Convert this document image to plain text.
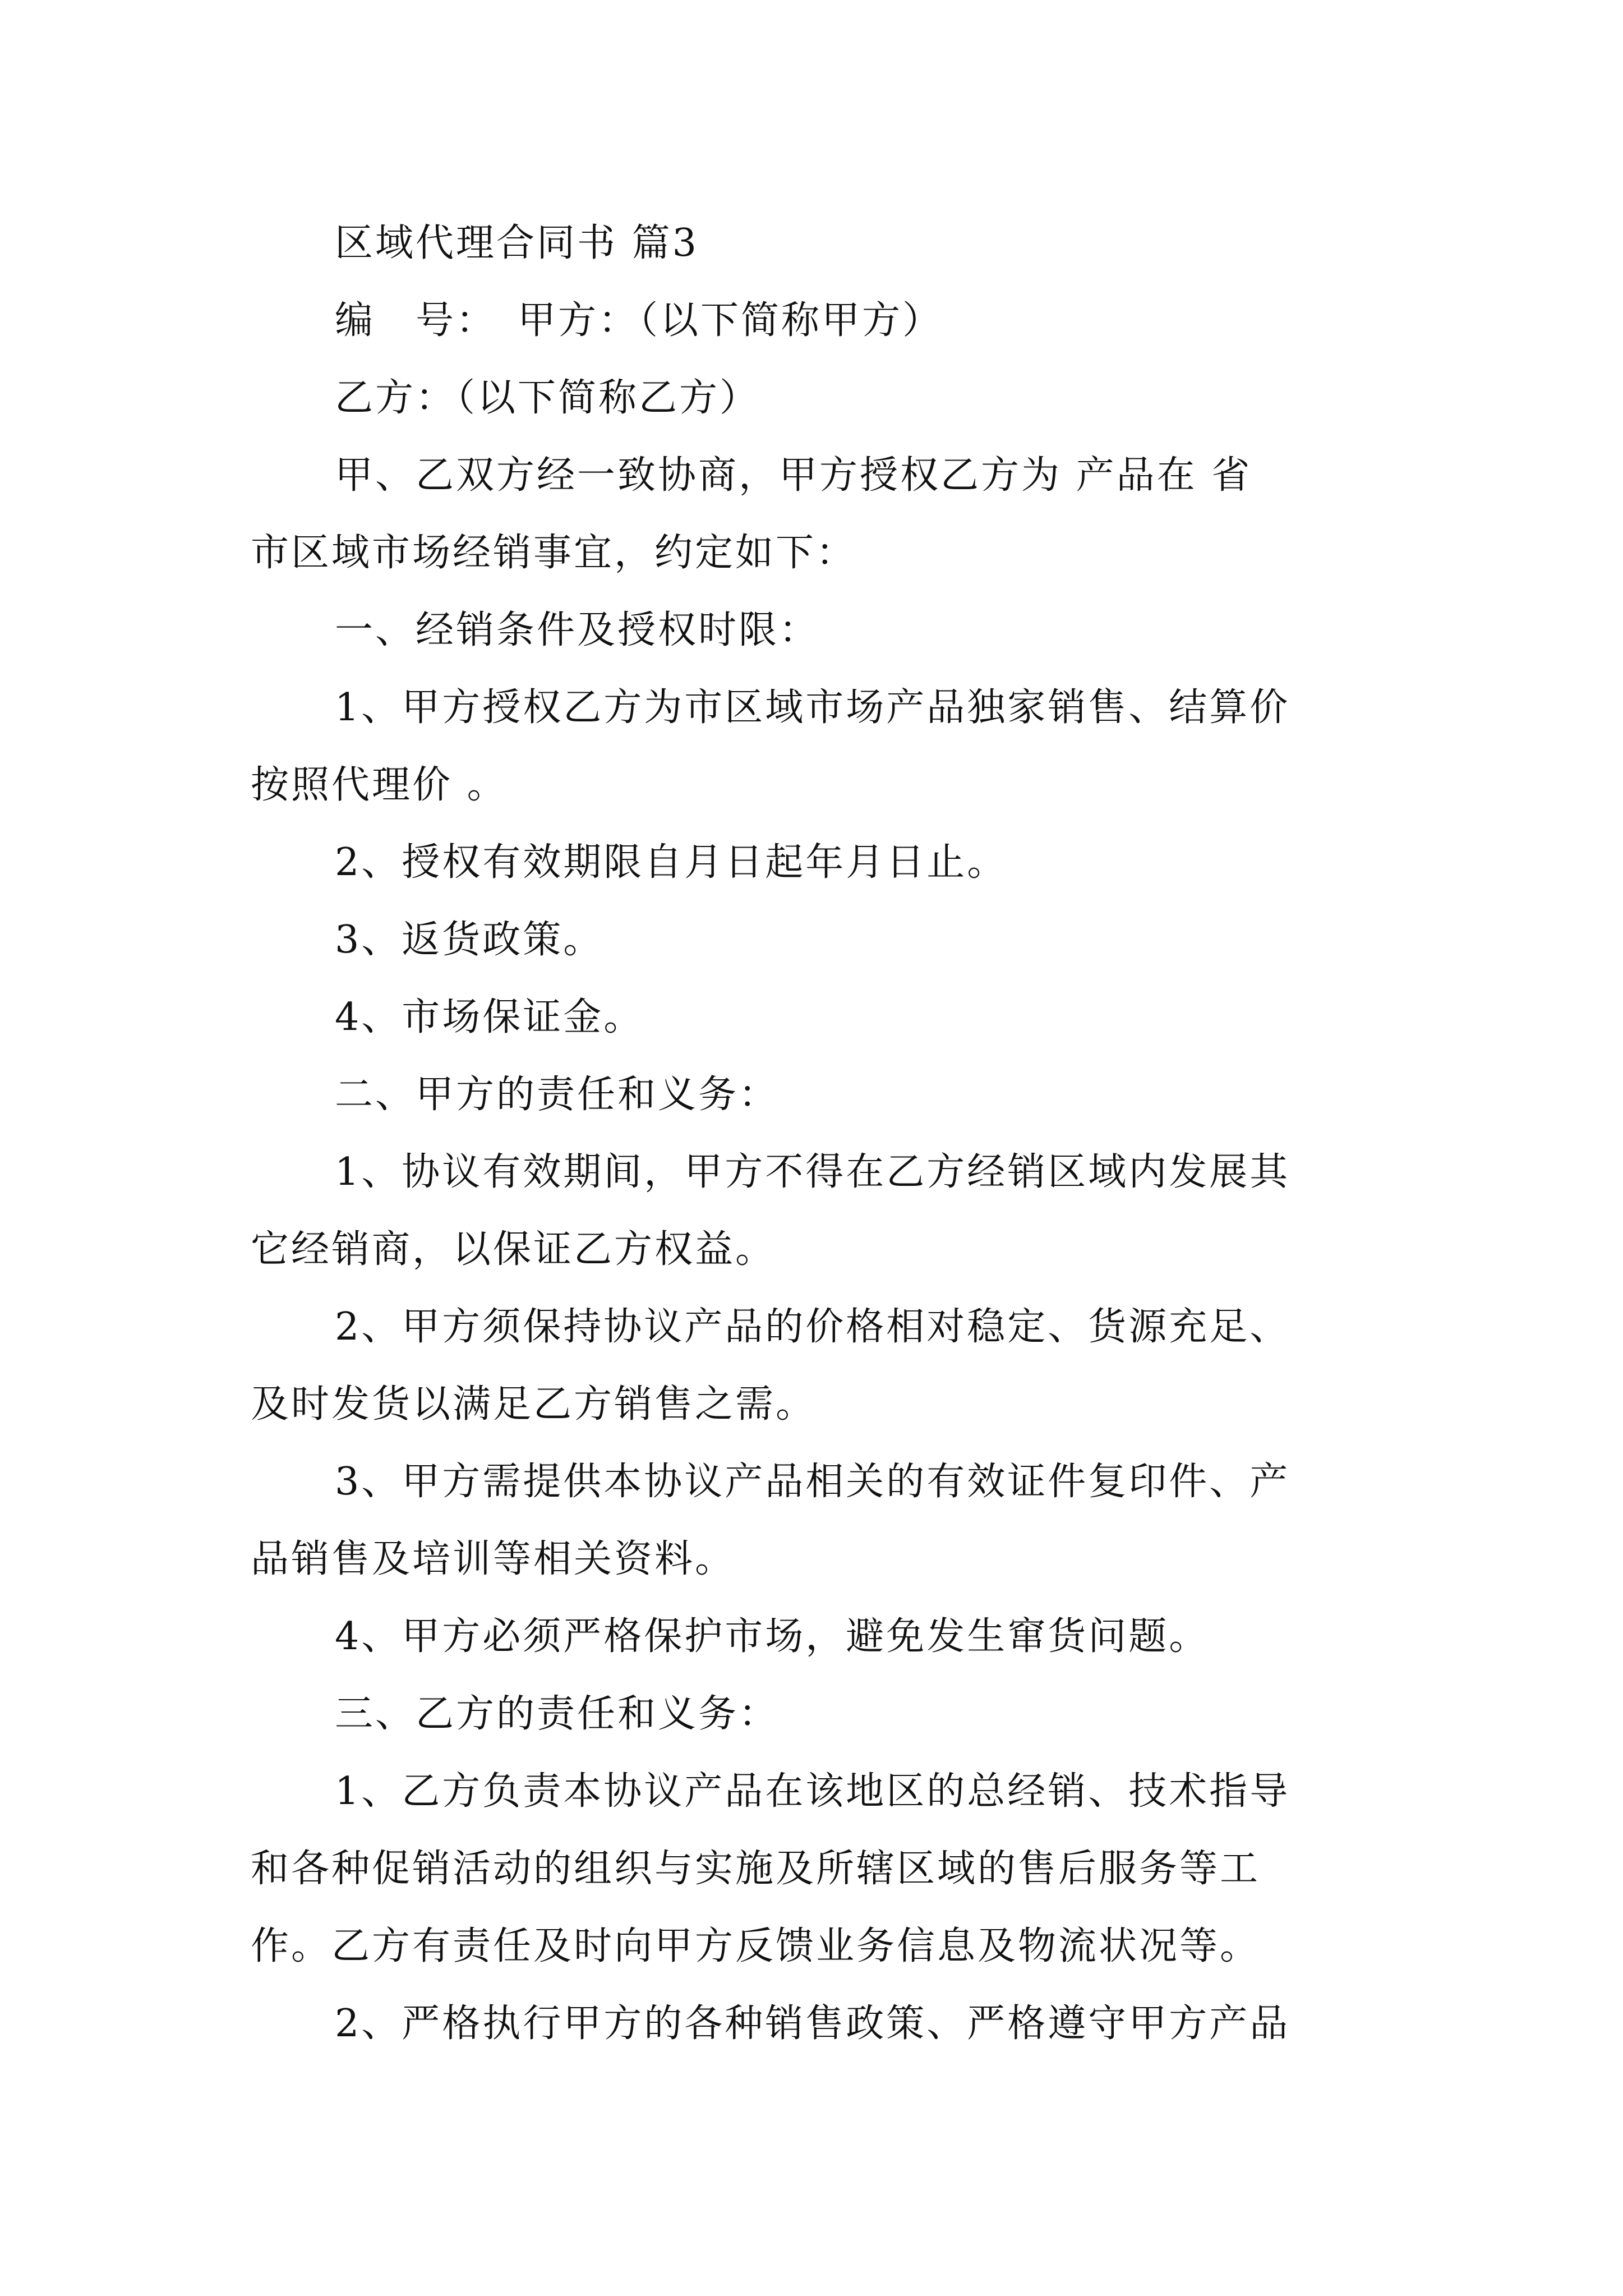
区域代理合同书 篇3
编　号：　甲方：（以下简称甲方）
乙方：（以下简称乙方）
甲、乙双方经一致协商，甲方授权乙方为 产品在 省
市区域市场经销事宜，约定如下：
一、经销条件及授权时限：
1、甲方授权乙方为市区域市场产品独家销售、结算价
按照代理价 。
2、授权有效期限自月日起年月日止。
3、返货政策。
4、市场保证金。
二、甲方的责任和义务：
1、协议有效期间，甲方不得在乙方经销区域内发展其
它经销商，以保证乙方权益。
2、甲方须保持协议产品的价格相对稳定、货源充足、
及时发货以满足乙方销售之需。
3、甲方需提供本协议产品相关的有效证件复印件、产
品销售及培训等相关资料。
4、甲方必须严格保护市场，避免发生窜货问题。
三、乙方的责任和义务：
1、乙方负责本协议产品在该地区的总经销、技术指导
和各种促销活动的组织与实施及所辖区域的售后服务等工
作。乙方有责任及时向甲方反馈业务信息及物流状况等。
2、严格执行甲方的各种销售政策、严格遵守甲方产品
